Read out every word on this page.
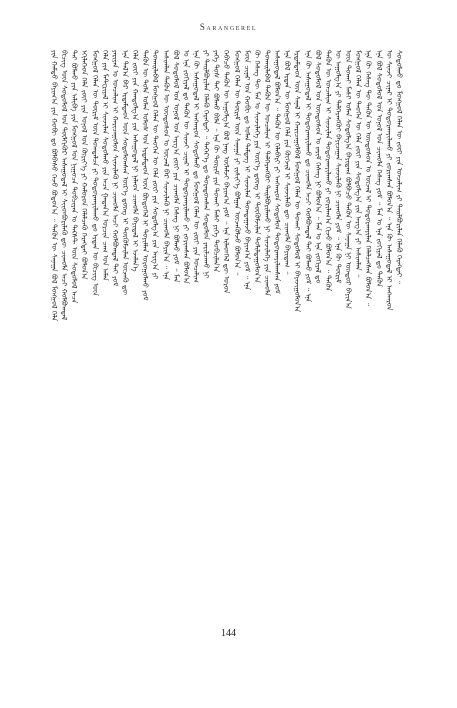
Sarangerel
ᠶᠢᠨ ᠬᠠᠮᠲᠤ ᠪᠠᠶᠢᠭ᠎ᠠ ᠶᠢᠨ ᠬᠤᠪᠢ ᠳᠤ ᠪᠣᠯᠪᠠᠰᠤ ᠭᠡᠵᠦ ᠪᠣᠳᠣᠨ᠎ᠠ ᠃ ᠲᠡᠭᠦᠨ ᠦ ᠰᠠᠨᠠᠭᠠ ᠪᠣᠯ ᠮᠣᠩᠭᠣᠯ ᠬᠡᠯᠡ ᠪᠢᠴᠢᠭ ᠦᠨ ᠰᠤᠳᠤᠯᠤᠯ ᠤᠨ ᠲᠦᠯᠬᠢᠭᠦᠷ ᠠᠰᠠᠭᠤᠳᠠᠯ ᠢ ᠰᠢᠢᠳᠪᠦᠷᠢᠯᠡᠬᠦ ᠳᠦ ᠴᠢᠬᠤᠯᠠ ᠠᠴᠢ ᠬᠣᠯᠪᠣᠭᠳᠠᠯ ᠲᠠᠢ ᠪᠣᠯᠬᠤ ᠶᠢᠨ ᠠᠯᠢᠪᠠ ᠶᠢᠨ ᠮᠣᠩᠭᠣᠯ ᠤᠨ ᠨᠢᠭᠤᠴᠠ ᠲᠣᠪᠴᠢᠶᠠᠨ ᠤ ᠲᠡᠺᠰᠲ ᠦᠨ ᠰᠤᠳᠤᠯᠤᠯ ᠠᠴᠠ ᠡᠬᠢᠯᠡᠭᠡᠳ ᠬᠡᠯᠡ ᠵᠦᠢ ᠶᠢᠨ ᠣᠨᠣᠯ ᠤᠨ ᠬᠦᠷᠢᠶ᠎ᠡ ᠶᠢ ᠬᠠᠮᠤᠷᠤᠨ ᠬᠡᠯᠡᠯᠴᠡᠬᠦ ᠬᠡᠷᠡᠭᠲᠡᠢ ᠪᠣᠯᠤᠨ᠎ᠠ ᠮᠣᠩᠭᠣᠯ ᠬᠡᠯᠡᠨ ᠦ ᠳᠦᠷᠢᠮ ᠦᠨ ᠲᠣᠭᠲᠠᠯᠴᠠ ᠶᠢ ᠲᠣᠳᠣᠷᠬᠠᠶᠢᠯᠠᠬᠤ ᠳᠤ ᠡᠷᠲᠡᠨ ᠦ ᠪᠢᠴᠢᠭ ᠦᠨ ᠬᠡᠯᠡ ᠶᠢᠨ ᠮᠠᠲ᠋ᠧᠷᠢᠶᠠᠯ ᠢ ᠰᠢᠨᠵᠢᠯᠡᠨ ᠰᠤᠳᠤᠯᠬᠤ ᠶᠢᠨ ᠠᠴᠠ ᠭᠠᠳᠠᠨ᠎ᠠ ᠣᠷᠴᠢᠨ ᠴᠠᠭ ᠤᠨ ᠠᠮᠠᠨ ᠶᠠᠷᠢᠶᠠᠨ ᠤ ᠣᠨᠴᠠᠯᠢᠭ ᠢ ᠬᠠᠷᠢᠴᠠᠭᠤᠯᠤᠨ ᠰᠢᠨᠵᠢᠯᠡᠬᠦ ᠨᠢ ᠴᠢᠬᠤᠯᠠ ᠠᠴᠢ ᠬᠣᠯᠪᠣᠭᠳᠠᠯ ᠲᠠᠢ ᠶᠤᠮ ᠡᠨᠡ ᠲᠠᠯ᠎ᠠ ᠪᠠᠷ ᠡᠷᠳᠡᠮᠲᠡᠳ ᠦᠨ ᠰᠤᠳᠤᠯᠤᠭᠰᠠᠨ ᠦᠷ᠎ᠡ ᠳ᠋ᠦᠩ ᠢ ᠳᠦᠭᠦᠮᠵᠢᠯᠡᠨ ᠦᠵᠡᠬᠦ ᠳᠦ ᠬᠡᠯᠡ ᠵᠦᠢ ᠶᠢᠨ ᠬᠠᠨᠳᠤᠯᠭ᠎ᠠ ᠶᠢᠨ ᠠᠰᠠᠭᠤᠳᠠᠯ ᠨᠢ ᠨᠡᠯᠡᠳ ᠴᠢᠬᠤᠯᠠ ᠪᠠᠶᠢᠳᠠᠯ ᠢ ᠡᠵᠡᠯᠡᠨ᠎ᠡ ᠲᠡᠭᠦᠨ ᠦ ᠲᠤᠯᠠ ᠣᠯᠠᠨ ᠤᠯᠤᠰ ᠤᠨ ᠡᠷᠳᠡᠮᠲᠡᠳ ᠦᠨ ᠪᠦᠲᠦᠭᠡᠯ ᠢ ᠲᠣᠶᠢᠮᠯᠠᠨ ᠣᠷᠤᠭᠤᠯᠬᠤ ᠶᠤᠮ ᠲᠤᠬᠠᠢᠯᠠᠪᠠᠯ ᠮᠣᠩᠭᠣᠯ ᠬᠡᠯᠡᠨ ᠦ ᠲᠡᠦᠬᠡᠨ ᠦ ᠬᠡᠯᠡ ᠵᠦᠢ ᠶᠢᠨ ᠰᠤᠳᠤᠯᠭ᠎ᠠ ᠶᠢᠨ ᠠᠷᠭ᠎ᠠ ᠶᠢ ᠠᠰᠢᠭᠯᠠᠨ ᠲᠡᠭᠦᠨ ᠦ ᠦᠨᠳᠦᠰᠦᠨ ᠤ ᠦᠵᠡᠯ ᠪᠠᠷ ᠰᠢᠨᠵᠢᠯᠡᠬᠦ ᠨᠢ ᠴᠢᠬᠤᠯᠠ ᠪᠠᠶᠢᠨ᠎ᠠ ᠃ ᠡᠨᠡ ᠪᠣᠯ ᠰᠤᠳᠤᠯᠤᠯ ᠤᠨ ᠣᠨᠣᠯ ᠤᠨ ᠠᠷᠭ᠎ᠠ ᠵᠦᠢ ᠶᠢᠨ ᠴᠢᠬᠤᠯᠠ ᠬᠡᠰᠡᠭ ᠨᠢ ᠪᠣᠯᠬᠤ ᠶᠤᠮ ᠃ ᠮᠠᠨ ᠤ ᠡᠨᠡ ᠵᠣᠬᠢᠶᠠᠯ ᠳᠤ ᠲᠡᠭᠦᠨ ᠦ ᠰᠢᠨᠵᠢ ᠴᠢᠨᠠᠷ ᠢ ᠲᠣᠳᠣᠷᠬᠠᠶᠢᠯᠠᠬᠤ ᠶᠢ ᠵᠣᠷᠢᠭᠰᠠᠨ ᠪᠣᠯᠤᠨ᠎ᠠ ᠡᠨᠡ ᠬᠦ ᠠᠰᠠᠭᠤᠳᠠᠯ ᠢ ᠠᠩᠬᠠᠷᠤᠨ ᠰᠤᠳᠤᠯᠬᠤ ᠳᠤ ᠮᠣᠩᠭᠣᠯ ᠬᠡᠯᠡᠨ ᠦ ᠵᠦᠢ ᠶᠢᠨ ᠣᠨᠴᠠᠯᠢᠭ ᠶᠢ ᠲᠠᠢᠯᠪᠤᠷᠢᠯᠠᠨ ᠬᠡᠯᠡᠬᠦ ᠬᠡᠷᠡᠭᠲᠡᠢ ᠃ ᠳᠡᠭᠡᠷ᠎ᠡ ᠳᠤ ᠳᠤᠷᠠᠳᠤᠭᠰᠠᠨ ᠰᠤᠳᠤᠯᠤᠨ ᠶᠠᠷᠢᠯᠴᠠᠬᠤ ᠨᠢ ᠶᠡᠬᠡ ᠲᠤᠰ ᠲᠠᠢ ᠪᠣᠯᠬᠤ ᠪᠢᠯᠡ ᠃ ᠡᠨᠡ ᠬᠦ ᠳᠦᠷᠢᠮ ᠶᠢᠨ ᠲᠤᠬᠠᠢ ᠮᠠᠰᠢ ᠶᠢᠬᠡ ᠲᠣᠪᠴᠢᠯᠠᠨ᠎ᠠ ᠭᠡᠪᠡᠴᠦ ᠲᠡᠭᠦᠨ ᠦ ᠠᠭᠤᠯᠭ᠎ᠠ ᠪᠣᠯ ᠨᠡᠩ ᠦᠯᠡᠮᠵᠢ ᠪᠠᠶᠢᠭ᠎ᠠ ᠶᠤᠮ ᠃ ᠡᠨᠡ ᠢᠯᠡᠳᠭᠡᠯ ᠳᠦ ᠣᠷᠤᠨ ᠮᠣᠩᠭᠣᠯ ᠬᠡᠯᠡᠨ ᠦ ᠳᠦᠷᠢᠮ ᠦᠨ ᠰᠠᠨᠠᠭᠠ ᠶᠢ ᠵᠢᠱᠢᠶ᠎ᠡ ᠪᠣᠯᠭᠠᠨ ᠦᠵᠡᠬᠦᠯᠵᠦ ᠪᠣᠯᠤᠨ᠎ᠠ ᠃ ᠮᠥᠨ ᠴᠢᠨᠠᠷ ᠤᠨ ᠬᠤᠪᠢ ᠳᠤ ᠣᠯᠠᠨ ᠲᠡᠮᠳᠡᠭ ᠢ ᠰᠢᠨᠵᠢᠯᠡᠨ ᠲᠣᠭᠲᠠᠭᠠᠵᠤ ᠪᠠᠶᠢᠭ᠎ᠠ ᠶᠤᠮ ᠃ ᠡᠨᠡ ᠬᠦ ᠬᠡᠰᠡᠭ ᠲᠦ ᠮᠠᠨ ᠤ ᠰᠢᠨᠵᠢᠯᠡᠭᠡ ᠶᠢᠨ ᠦᠷ᠎ᠡ ᠳ᠋ᠦᠩ ᠢ ᠳᠦᠭᠦᠮᠵᠢᠯᠡᠨ ᠲᠣᠯᠢᠯᠳᠠᠭᠤᠯᠤᠨ᠎ᠠ ᠲᠤᠬᠠᠢᠯᠠᠪᠠᠯ ᠲᠡᠭᠦᠨ ᠦ ᠣᠨᠴᠠᠯᠢᠭ ᠢ ᠳᠡᠯᠭᠡᠷᠡᠩᠭᠦᠢ ᠲᠠᠢᠯᠪᠤᠷᠢᠯᠠᠬᠤ ᠨᠢ ᠰᠢᠨᠵᠢᠯᠡᠭᠡ ᠶᠢᠨ ᠴᠢᠬᠤᠯᠠ ᠠᠰᠠᠭᠤᠳᠠᠯ ᠪᠣᠯᠤᠨ᠎ᠠ ᠃ ᠲᠡᠭᠦᠨ ᠦ ᠬᠡᠯᠡᠪᠡᠷᠢ ᠶᠢ ᠠᠩᠬᠠᠷᠤᠨ ᠰᠤᠳᠤᠯᠤᠨ ᠲᠣᠳᠣᠷᠬᠠᠶᠢᠯᠠᠭᠰᠠᠨ ᠶᠤᠮ ᠡᠨᠡ ᠪᠣᠯ ᠡᠷᠲᠡᠨ ᠦ ᠮᠣᠩᠭᠣᠯ ᠬᠡᠯᠡ ᠶᠢᠨ ᠬᠦᠭᠵᠢᠯ ᠢ ᠰᠢᠨᠵᠢᠯᠡᠬᠦ ᠳᠦ ᠴᠢᠬᠤᠯᠠ ᠪᠠᠶᠢᠳᠠᠭ ᠃ ᠡᠷᠳᠡᠮᠲᠡᠳ ᠦᠨ ᠰᠠᠨᠠᠯ ᠢ ᠬᠠᠷᠢᠴᠠᠭᠤᠯᠪᠠᠯ ᠮᠣᠩᠭᠣᠯ ᠬᠡᠯᠡᠨ ᠦ ᠲᠤᠬᠠᠢ ᠰᠤᠳᠤᠯᠤᠯ ᠢ ᠪᠠᠶᠠᠵᠢᠭᠤᠯᠤᠨ᠎ᠠ ᠡᠨᠡ ᠬᠦ ᠠᠰᠠᠭᠤᠳᠠᠯ ᠢ ᠲᠣᠳᠣᠷᠬᠠᠶᠢᠯᠠᠬᠤ ᠳᠤ ᠴᠢᠬᠤᠯᠠ ᠠᠴᠢ ᠬᠣᠯᠪᠣᠭᠳᠠᠯ ᠲᠠᠢ ᠪᠣᠯᠬᠤ ᠶᠤᠮ ᠃ ᠡᠨᠡ ᠪᠣᠯ ᠰᠤᠳᠤᠯᠤᠯ ᠤᠨ ᠦᠨᠳᠦᠰᠦᠨ ᠤ ᠵᠠᠷᠢᠮ ᠬᠡᠰᠡᠭ ᠨᠢ ᠪᠣᠯᠤᠨ᠎ᠠ ᠃ ᠮᠠᠨ ᠤ ᠡᠨᠡ ᠵᠣᠬᠢᠶᠠᠯ ᠳᠤ ᠲᠡᠭᠦᠨ ᠦ ᠣᠨᠴᠠᠯᠢᠭ ᠢ ᠰᠢᠨᠵᠢᠯᠡᠨ ᠲᠣᠳᠣᠷᠬᠠᠶᠢᠯᠠᠬᠤ ᠶᠢ ᠵᠣᠷᠢᠯᠠᠭ᠎ᠠ ᠬᠢᠵᠦ ᠪᠣᠯᠤᠨ᠎ᠠ ᠃ ᠲᠡᠭᠦᠨ ᠦ ᠠᠭᠤᠯᠭ᠎ᠠ ᠶᠢ ᠳᠡᠯᠭᠡᠷᠡᠩᠭᠦᠢ ᠪᠠᠶᠢᠴᠠᠭᠠᠨ ᠰᠢᠨᠵᠢᠯᠡᠬᠦ ᠨᠢ ᠴᠢᠬᠤᠯᠠ ᠶᠤᠮ ᠃ ᠡᠨᠡ ᠬᠦ ᠳᠦᠷᠢᠮ ᠦᠨ ᠲᠤᠬᠠᠢ ᠮᠠᠰᠢ ᠣᠯᠠᠨ ᠰᠤᠳᠤᠯᠭ᠎ᠠ ᠪᠠᠶᠢᠳᠠᠭ ᠪᠣᠯᠪᠠᠴᠤ ᠲᠡᠭᠦᠨ ᠦ ᠰᠠᠨᠠᠭᠠ ᠨᠢ ᠥᠨᠳᠥᠷ ᠪᠠᠶᠢᠨ᠎ᠠ ᠮᠣᠩᠭᠣᠯ ᠬᠡᠯᠡᠨ ᠦ ᠲᠡᠦᠬᠡᠨ ᠦ ᠬᠡᠯᠡ ᠵᠦᠢ ᠶᠢᠨ ᠰᠤᠳᠤᠯᠭ᠎ᠠ ᠶᠢᠨ ᠠᠷᠭ᠎ᠠ ᠶᠢ ᠠᠰᠢᠭᠯᠠᠨ ᠃ ᠡᠨᠡ ᠬᠦ ᠬᠡᠰᠡᠭ ᠲᠦ ᠲᠡᠭᠦᠨ ᠦ ᠦᠨᠳᠦᠰᠦᠨ ᠤ ᠦᠵᠡᠯ ᠢ ᠲᠣᠳᠣᠷᠬᠠᠶᠢᠯᠠᠨ ᠬᠡᠯᠡᠯᠴᠡᠭᠰᠡᠨ ᠪᠣᠯᠤᠨ᠎ᠠ ᠃ ᠡᠨᠡ ᠪᠣᠯ ᠰᠤᠳᠤᠯᠤᠯ ᠤᠨ ᠣᠨᠣᠯ ᠤᠨ ᠴᠢᠬᠤᠯᠠ ᠬᠡᠰᠡᠭ ᠶᠤᠮ ᠃ ᠮᠠᠨ ᠤ ᠡᠨᠡ ᠵᠣᠬᠢᠶᠠᠯ ᠳᠤ ᠲᠡᠭᠦᠨ ᠦ ᠰᠢᠨᠵᠢ ᠴᠢᠨᠠᠷ ᠢ ᠲᠣᠳᠣᠷᠬᠠᠶᠢᠯᠠᠬᠤ ᠶᠢ ᠵᠣᠷᠢᠭᠰᠠᠨ ᠪᠣᠯᠤᠨ᠎ᠠ ᠃ ᠡᠨᠡ ᠬᠦ ᠠᠰᠠᠭᠤᠳᠠᠯ ᠢ ᠠᠩᠬᠠᠷᠤᠨ ᠰᠤᠳᠤᠯᠬᠤ ᠳᠤ ᠮᠣᠩᠭᠣᠯ ᠬᠡᠯᠡᠨ ᠦ ᠵᠦᠢ ᠶᠢᠨ ᠣᠨᠴᠠᠯᠢᠭ ᠶᠢ ᠲᠠᠢᠯᠪᠤᠷᠢᠯᠠᠨ ᠬᠡᠯᠡᠬᠦ ᠬᠡᠷᠡᠭᠲᠡᠢ ᠃
144
